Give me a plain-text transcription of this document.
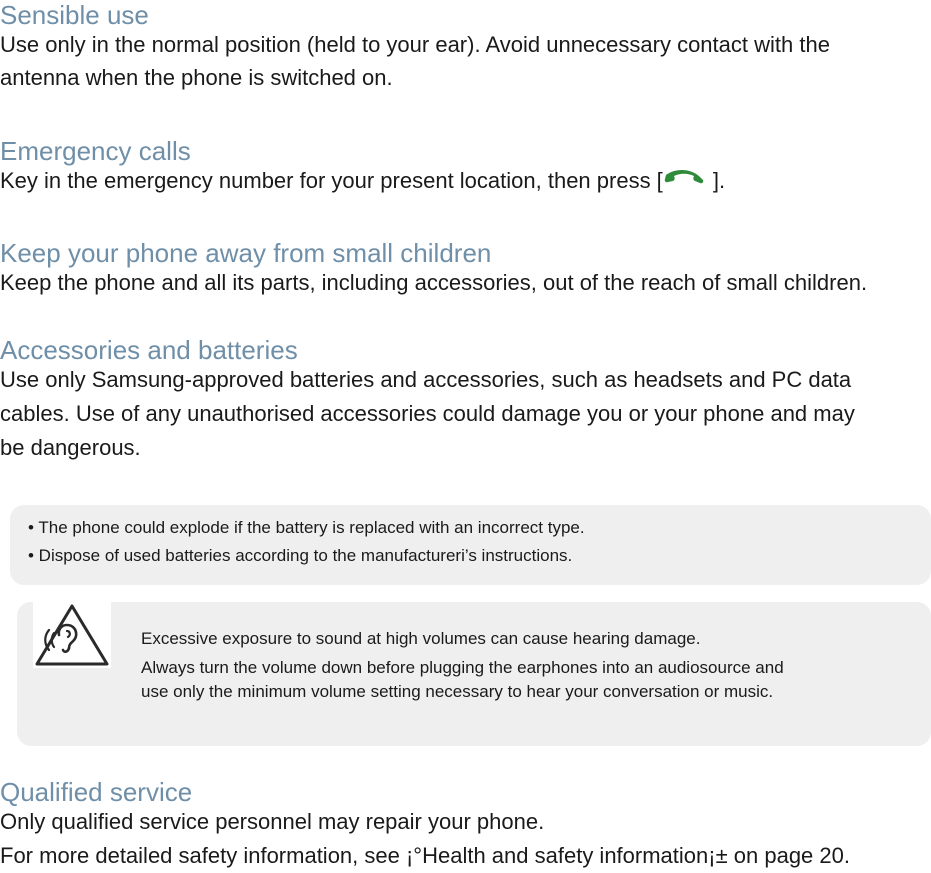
Sensible use

Use only in the normal position (held to your ear). Avoid unnecessary contact with the

antenna when the phone is switched on.

Emergency calls

Key in the emergency number for your present location, then press [ ].

Keep your phone away from small children

Keep the phone and all its parts, including accessories, out of the reach of small children.

Accessories and batteries

Use only Samsung-approved batteries and accessories, such as headsets and PC data

cables. Use of any unauthorised accessories could damage you or your phone and may

be dangerous.

• The phone could explode if the battery is replaced with an incorrect type.
• Dispose of used batteries according to the manufactureri’s instructions.
Excessive exposure to sound at high volumes can cause hearing damage.
Always turn the volume down before plugging the earphones into an audiosource and
use only the minimum volume setting necessary to hear your conversation or music.
Qualified service

Only qualified service personnel may repair your phone.

For more detailed safety information, see ¡°Health and safety information¡± on page 20.
